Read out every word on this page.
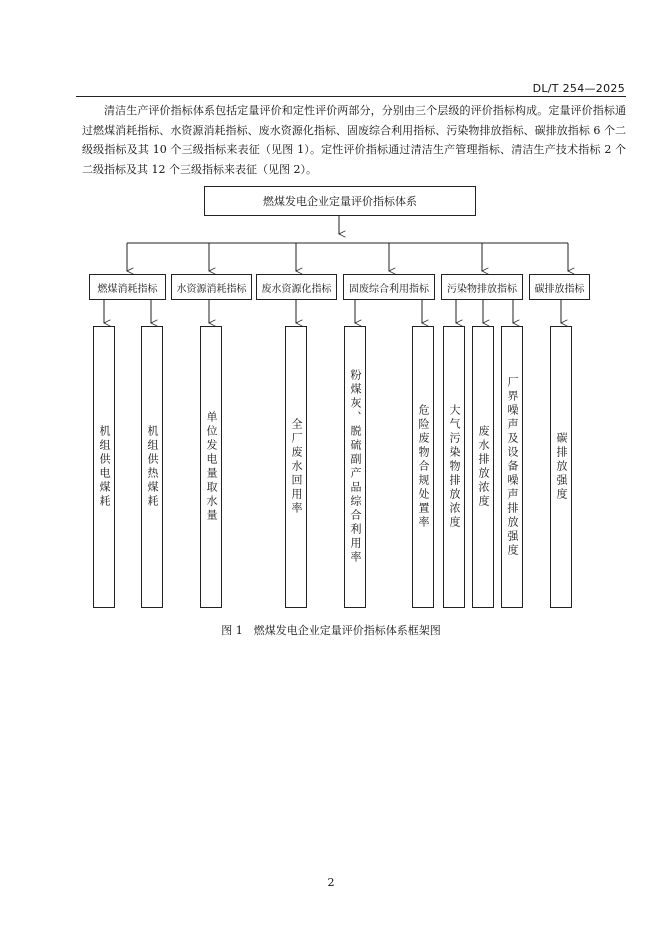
DL/T 254—2025
清洁生产评价指标体系包括定量评价和定性评价两部分，分别由三个层级的评价指标构成。定量评价指标通过燃煤消耗指标、水资源消耗指标、废水资源化指标、固废综合利用指标、污染物排放指标、碳排放指标 6 个二级级指标及其 10 个三级指标来表征（见图 1）。定性评价指标通过清洁生产管理指标、清洁生产技术指标 2 个二级指标及其 12 个三级指标来表征（见图 2）。
燃煤发电企业定量评价指标体系
燃煤消耗指标	水资源消耗指标	废水资源化指标	固废综合利用指标	污染物排放指标	碳排放指标
机组供电煤耗	机组供热煤耗	单位发电量取水量	全厂废水回用率	粉煤灰、脱硫副产品综合利用率	危险废物合规处置率 大气污染物排放浓度 废水排放浓度 厂界噪声及设备噪声排放强度	碳排放强度
图 1　燃煤发电企业定量评价指标体系框架图
2
